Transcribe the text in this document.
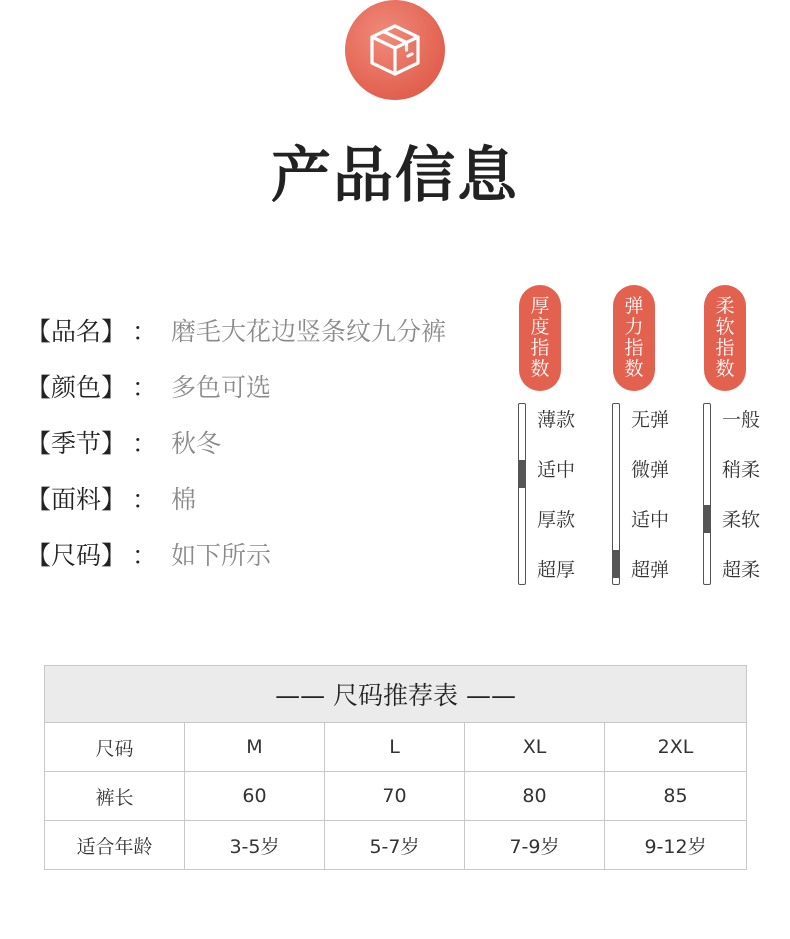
产品信息
【品名】 ： 磨毛大花边竖条纹九分裤
【颜色】 ： 多色可选
【季节】 ： 秋冬
【面料】 ： 棉
【尺码】 ： 如下所示
厚
度
指
数
薄款
适中
厚款
超厚
弹
力
指
数
无弹
微弹
适中
超弹
柔
软
指
数
一般
稍柔
柔软
超柔
—— 尺码推荐表 ——				
尺码	M	L	XL	2XL
裤长	60	70	80	85
适合年龄	3-5岁	5-7岁	7-9岁	9-12岁
